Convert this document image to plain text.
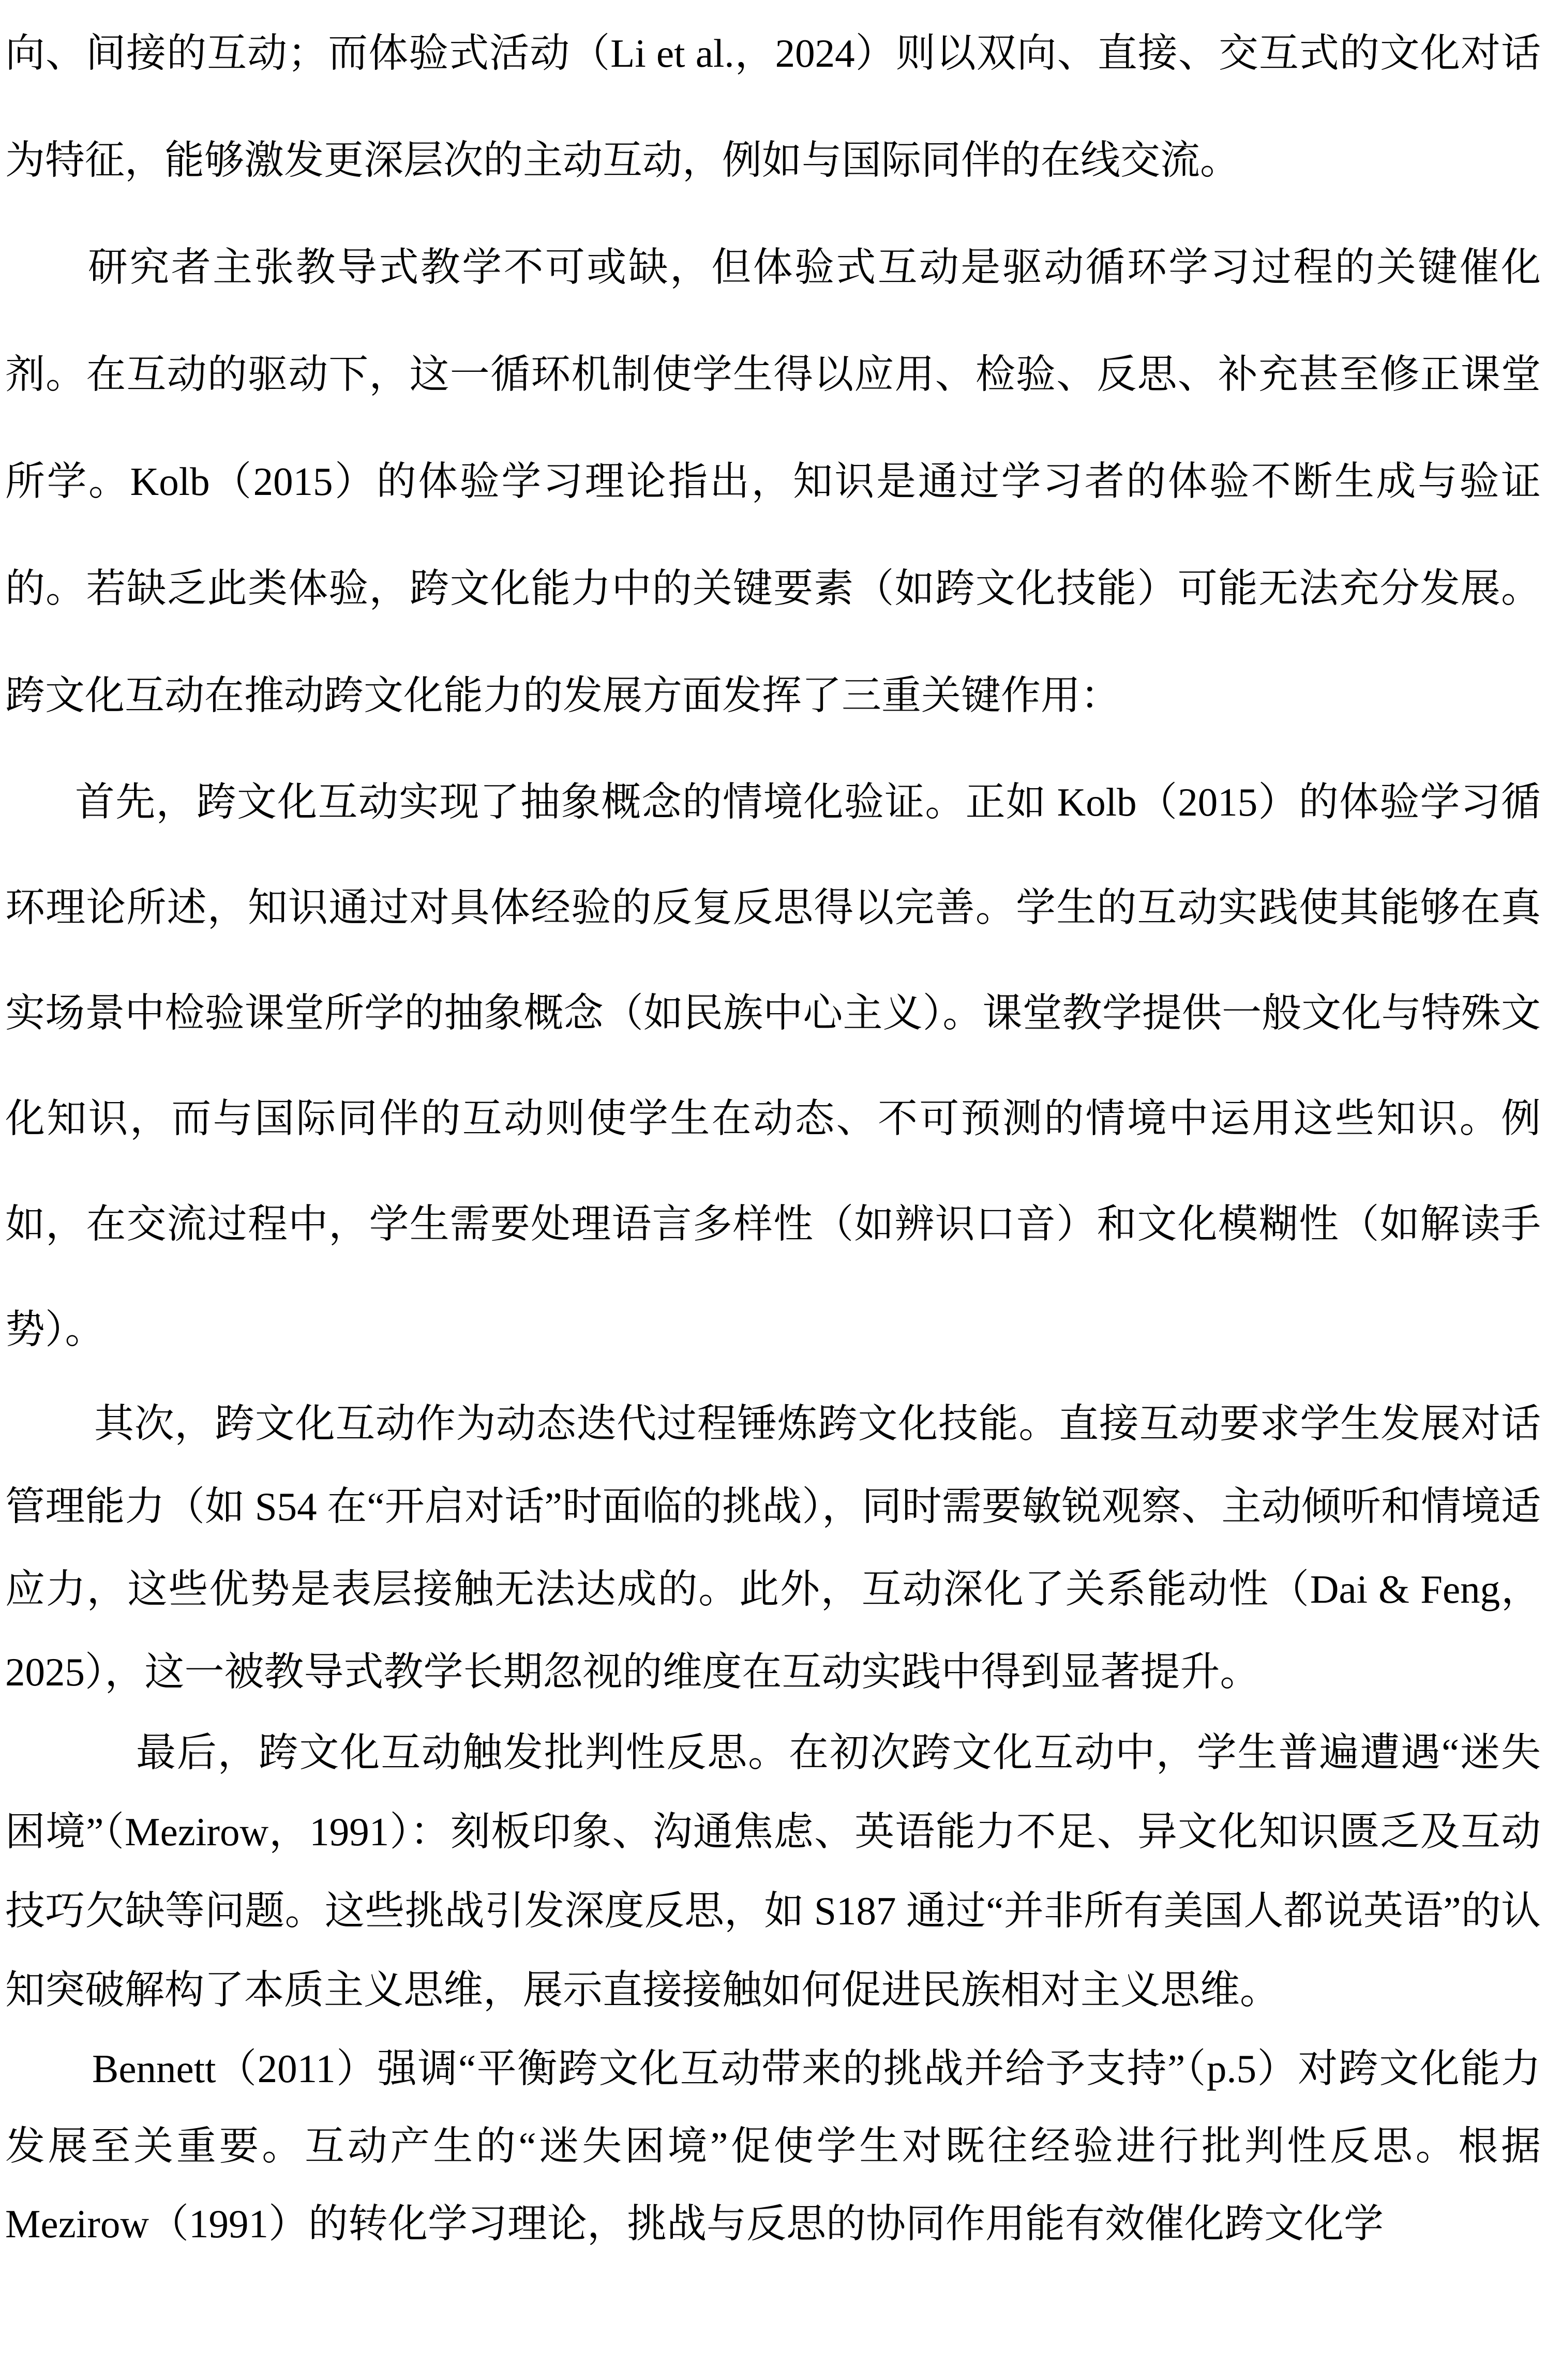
向、间接的互动；而体验式活动（Li et al.，2024）则以双向、直接、交互式的文化对话为特征，能够激发更深层次的主动互动，例如与国际同伴的在线交流。

研究者主张教导式教学不可或缺，但体验式互动是驱动循环学习过程的关键催化剂。在互动的驱动下，这一循环机制使学生得以应用、检验、反思、补充甚至修正课堂所学。Kolb（2015）的体验学习理论指出，知识是通过学习者的体验不断生成与验证的。若缺乏此类体验，跨文化能力中的关键要素（如跨文化技能）可能无法充分发展。跨文化互动在推动跨文化能力的发展方面发挥了三重关键作用：

首先，跨文化互动实现了抽象概念的情境化验证。正如 Kolb（2015）的体验学习循环理论所述，知识通过对具体经验的反复反思得以完善。学生的互动实践使其能够在真实场景中检验课堂所学的抽象概念（如民族中心主义）。课堂教学提供一般文化与特殊文化知识，而与国际同伴的互动则使学生在动态、不可预测的情境中运用这些知识。例如，在交流过程中，学生需要处理语言多样性（如辨识口音）和文化模糊性（如解读手势）。

其次，跨文化互动作为动态迭代过程锤炼跨文化技能。直接互动要求学生发展对话管理能力（如 S54 在“开启对话”时面临的挑战），同时需要敏锐观察、主动倾听和情境适应力，这些优势是表层接触无法达成的。此外，互动深化了关系能动性（Dai & Feng，2025），这一被教导式教学长期忽视的维度在互动实践中得到显著提升。

最后，跨文化互动触发批判性反思。在初次跨文化互动中，学生普遍遭遇“迷失困境”（Mezirow，1991）：刻板印象、沟通焦虑、英语能力不足、异文化知识匮乏及互动技巧欠缺等问题。这些挑战引发深度反思，如 S187 通过“并非所有美国人都说英语”的认知突破解构了本质主义思维，展示直接接触如何促进民族相对主义思维。

Bennett（2011）强调“平衡跨文化互动带来的挑战并给予支持”（p.5）对跨文化能力发展至关重要。互动产生的“迷失困境”促使学生对既往经验进行批判性反思。根据 Mezirow（1991）的转化学习理论，挑战与反思的协同作用能有效催化跨文化学
